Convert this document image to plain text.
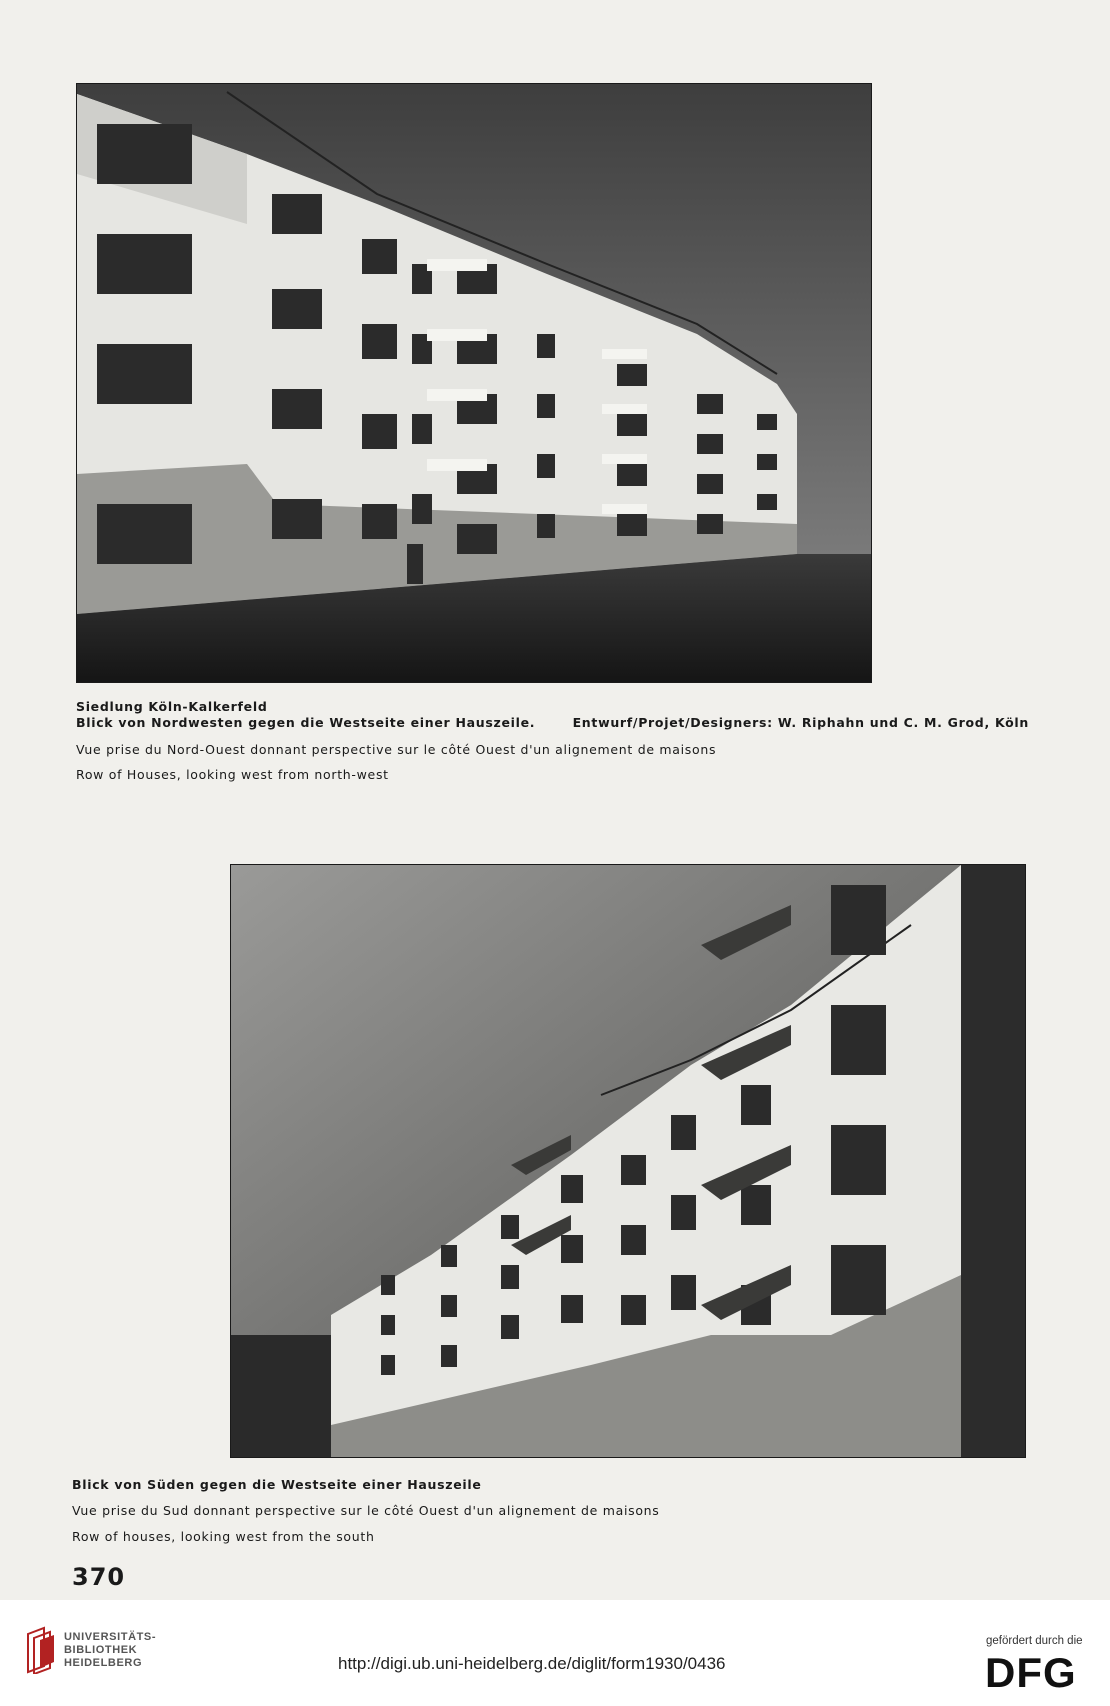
Siedlung Köln-Kalkerfeld
Blick von Nordwesten gegen die Westseite einer Hauszeile.	Entwurf/Projet/Designers: W. Riphahn und C. M. Grod, Köln
Vue prise du Nord-Ouest donnant perspective sur le côté Ouest d'un alignement de maisons
Row of Houses, looking west from north-west
Blick von Süden gegen die Westseite einer Hauszeile
Vue prise du Sud donnant perspective sur le côté Ouest d'un alignement de maisons
Row of houses, looking west from the south
370
UNIVERSITÄTS-
BIBLIOTHEK
HEIDELBERG	http://digi.ub.uni-heidelberg.de/diglit/form1930/0436
gefördert durch die
DFG
